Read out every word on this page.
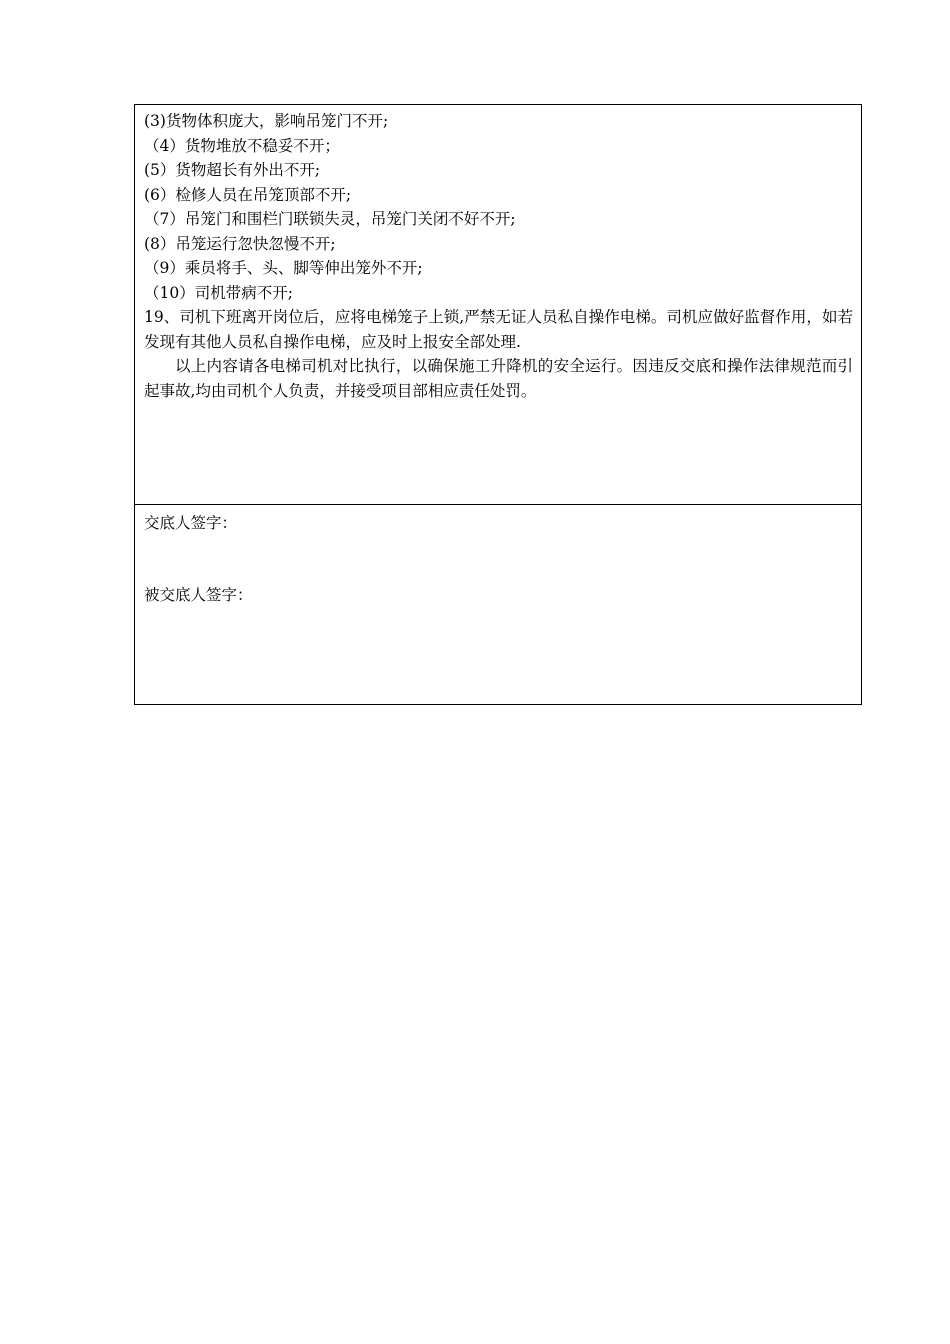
(3)货物体积庞大，影响吊笼门不开;

（4）货物堆放不稳妥不开；

(5）货物超长有外出不开;

(6）检修人员在吊笼顶部不开;

（7）吊笼门和围栏门联锁失灵，吊笼门关闭不好不开;

(8）吊笼运行忽快忽慢不开;

（9）乘员将手、头、脚等伸出笼外不开;

（10）司机带病不开;

19、司机下班离开岗位后，应将电梯笼子上锁,严禁无证人员私自操作电梯。司机应做好监督作用，如若发现有其他人员私自操作电梯，应及时上报安全部处理.

以上内容请各电梯司机对比执行，以确保施工升降机的安全运行。因违反交底和操作法律规范而引起事故,均由司机个人负责，并接受项目部相应责任处罚。

交底人签字：

被交底人签字：
